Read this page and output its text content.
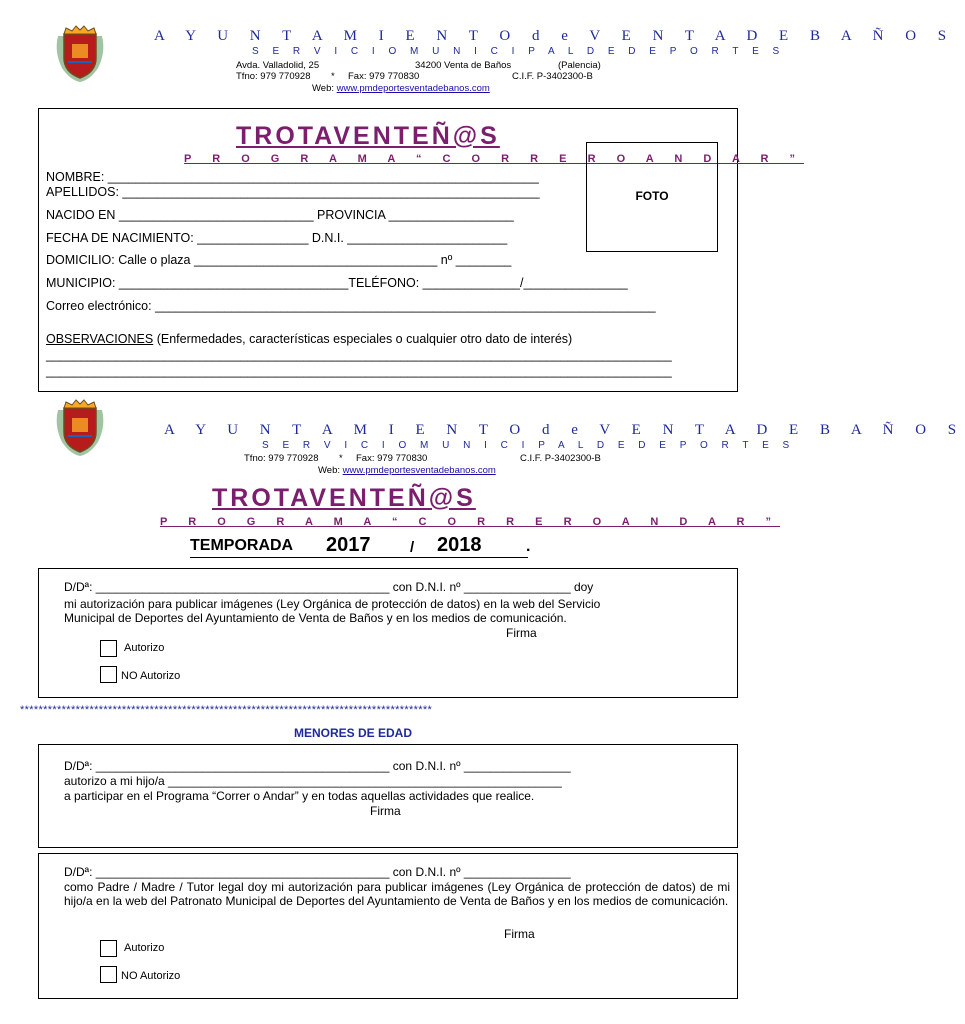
A Y U N T A M I E N T O d e V E N T A D E B A Ñ O S
S E R V I C I O M U N I C I P A L D E D E P O R T E S
Avda. Valladolid, 25	34200 Venta de Baños	(Palencia)
Tfno: 979 770928 * Fax: 979 770830	C.I.F. P-3402300-B
Web: www.pmdeportesventadebanos.com
TROTAVENTEÑ@S
P R O G R A M A “ C O R R E R O A N D A R ”
FOTO
NOMBRE: ______________________________________________________________
APELLIDOS: ____________________________________________________________
NACIDO EN ____________________________ PROVINCIA __________________
FECHA DE NACIMIENTO: ________________ D.N.I. _______________________
DOMICILIO: Calle o plaza ___________________________________ nº ________
MUNICIPIO: _________________________________TELÉFONO: ______________/_______________
Correo electrónico: ________________________________________________________________________
OBSERVACIONES (Enfermedades, características especiales o cualquier otro dato de interés)
__________________________________________________________________________________________
__________________________________________________________________________________________
A Y U N T A M I E N T O d e V E N T A D E B A Ñ O S
S E R V I C I O M U N I C I P A L D E D E P O R T E S
Tfno: 979 770928 * Fax: 979 770830	C.I.F. P-3402300-B
Web: www.pmdeportesventadebanos.com
TROTAVENTEÑ@S
P R O G R A M A “ C O R R E R O A N D A R ”
TEMPORADA 2017	/ 2018	.
D/Dª: ____________________________________________ con D.N.I. nº ________________ doy
mi autorización para publicar imágenes (Ley Orgánica de protección de datos) en la web del Servicio
Municipal de Deportes del Ayuntamiento de Venta de Baños y en los medios de comunicación.
Firma
Autorizo
NO Autorizo
*****************************************************************************************
MENORES DE EDAD
D/Dª: ____________________________________________ con D.N.I. nº ________________
autorizo a mi hijo/a ___________________________________________________________
a participar en el Programa “Correr o Andar” y en todas aquellas actividades que realice.
Firma
D/Dª: ____________________________________________ con D.N.I. nº ________________
como Padre / Madre / Tutor legal doy mi autorización para publicar imágenes (Ley Orgánica de protección de datos) de mi hijo/a en la web del Patronato Municipal de Deportes del Ayuntamiento de Venta de Baños y en los medios de comunicación.
Firma
Autorizo
NO Autorizo
